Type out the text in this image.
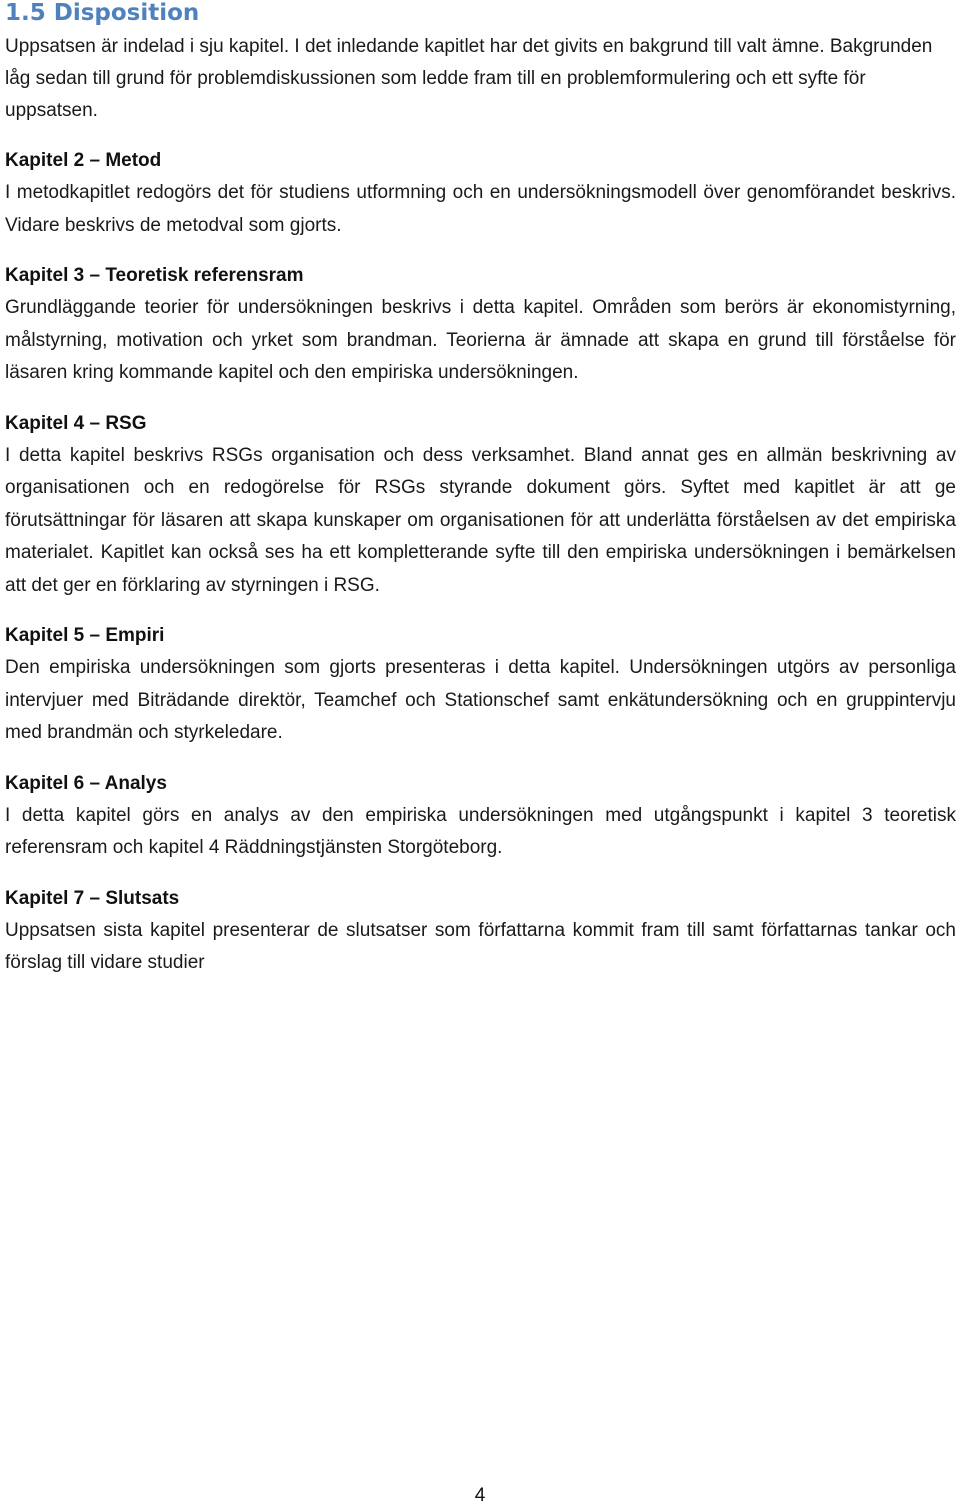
1.5 Disposition

Uppsatsen är indelad i sju kapitel. I det inledande kapitlet har det givits en bakgrund till valt ämne. Bakgrunden låg sedan till grund för problemdiskussionen som ledde fram till en problemformulering och ett syfte för uppsatsen.

Kapitel 2 – Metod

I metodkapitlet redogörs det för studiens utformning och en undersökningsmodell över genomförandet beskrivs. Vidare beskrivs de metodval som gjorts.

Kapitel 3 – Teoretisk referensram

Grundläggande teorier för undersökningen beskrivs i detta kapitel. Områden som berörs är ekonomistyrning, målstyrning, motivation och yrket som brandman. Teorierna är ämnade att skapa en grund till förståelse för läsaren kring kommande kapitel och den empiriska undersökningen.

Kapitel 4 – RSG

I detta kapitel beskrivs RSGs organisation och dess verksamhet. Bland annat ges en allmän beskrivning av organisationen och en redogörelse för RSGs styrande dokument görs. Syftet med kapitlet är att ge förutsättningar för läsaren att skapa kunskaper om organisationen för att underlätta förståelsen av det empiriska materialet. Kapitlet kan också ses ha ett kompletterande syfte till den empiriska undersökningen i bemärkelsen att det ger en förklaring av styrningen i RSG.

Kapitel 5 – Empiri

Den empiriska undersökningen som gjorts presenteras i detta kapitel. Undersökningen utgörs av personliga intervjuer med Biträdande direktör, Teamchef och Stationschef samt enkätundersökning och en gruppintervju med brandmän och styrkeledare.

Kapitel 6 – Analys

I detta kapitel görs en analys av den empiriska undersökningen med utgångspunkt i kapitel 3 teoretisk referensram och kapitel 4 Räddningstjänsten Storgöteborg.

Kapitel 7 – Slutsats

Uppsatsen sista kapitel presenterar de slutsatser som författarna kommit fram till samt författarnas tankar och förslag till vidare studier

4
